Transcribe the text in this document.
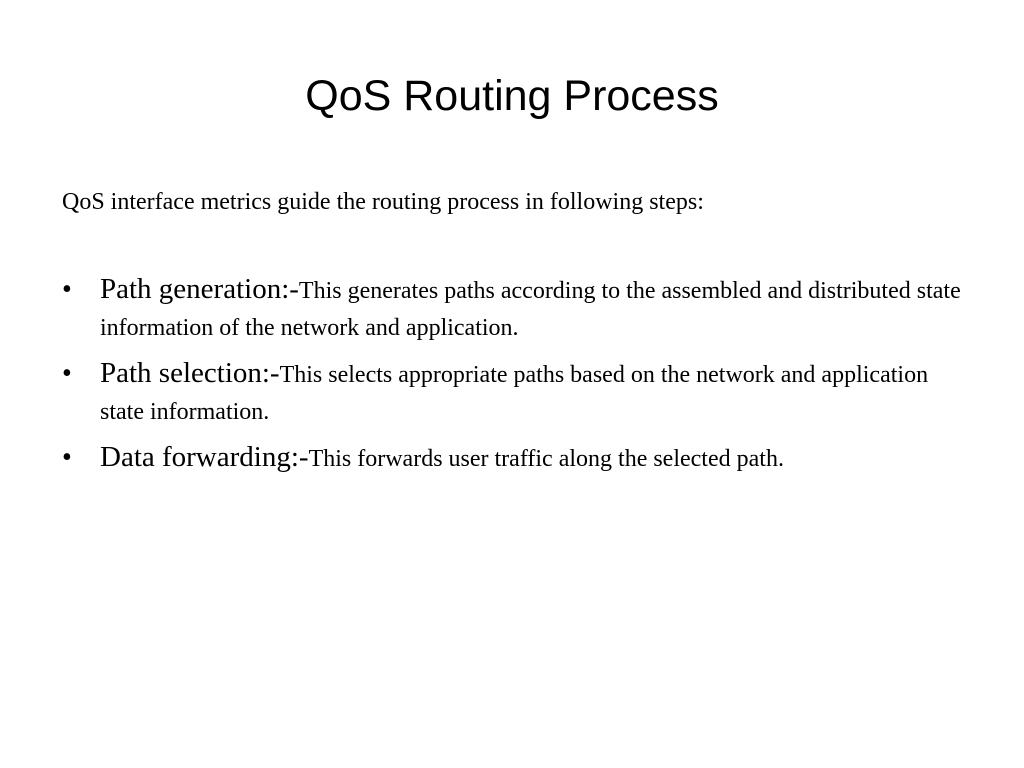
QoS Routing Process

QoS interface metrics guide the routing process in following steps:

• Path generation:-This generates paths according to the assembled and distributed state information of the network and application.
• Path selection:-This selects appropriate paths based on the network and application state information.
• Data forwarding:-This forwards user traffic along the selected path.
